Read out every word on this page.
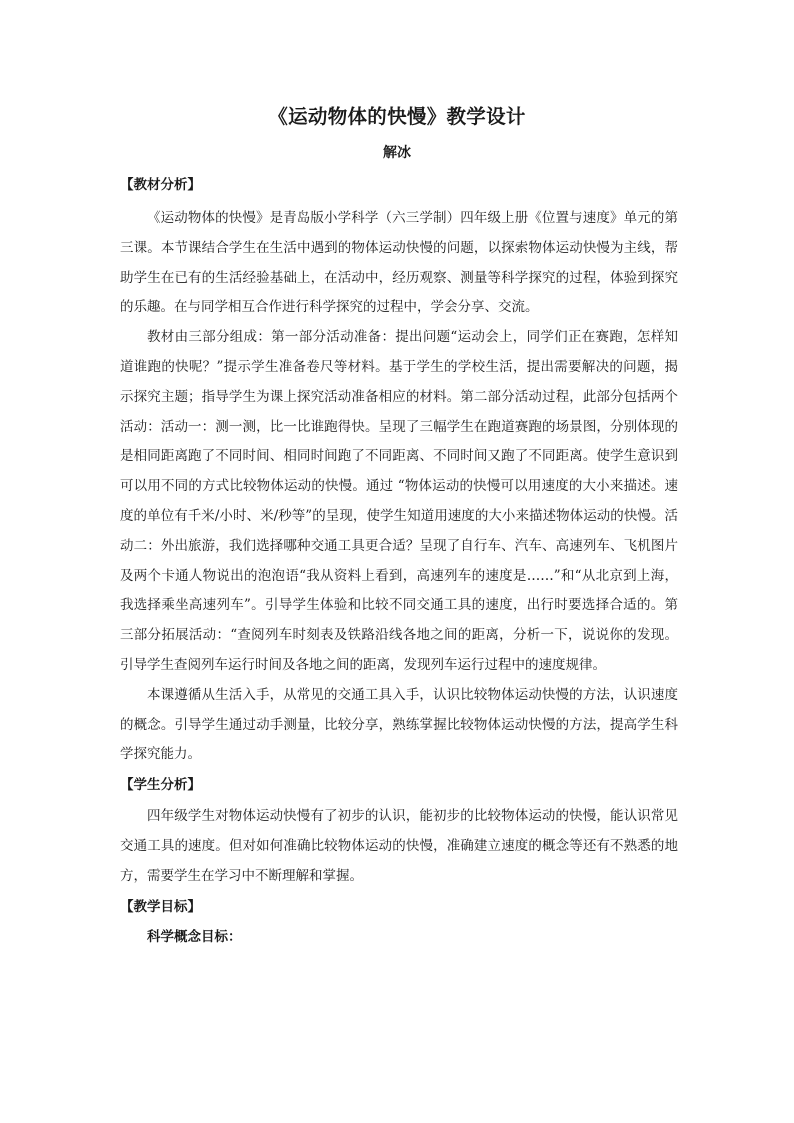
《运动物体的快慢》教学设计
解冰
【教材分析】

《运动物体的快慢》是青岛版小学科学（六三学制）四年级上册《位置与速度》单元的第三课。本节课结合学生在生活中遇到的物体运动快慢的问题，以探索物体运动快慢为主线，帮助学生在已有的生活经验基础上，在活动中，经历观察、测量等科学探究的过程，体验到探究的乐趣。在与同学相互合作进行科学探究的过程中，学会分享、交流。

教材由三部分组成：第一部分活动准备：提出问题“运动会上，同学们正在赛跑，怎样知道谁跑的快呢？”提示学生准备卷尺等材料。基于学生的学校生活，提出需要解决的问题，揭示探究主题；指导学生为课上探究活动准备相应的材料。第二部分活动过程，此部分包括两个活动：活动一：测一测，比一比谁跑得快。呈现了三幅学生在跑道赛跑的场景图，分别体现的是相同距离跑了不同时间、相同时间跑了不同距离、不同时间又跑了不同距离。使学生意识到可以用不同的方式比较物体运动的快慢。通过 “物体运动的快慢可以用速度的大小来描述。速度的单位有千米/小时、米/秒等”的呈现，使学生知道用速度的大小来描述物体运动的快慢。活动二：外出旅游，我们选择哪种交通工具更合适？呈现了自行车、汽车、高速列车、飞机图片及两个卡通人物说出的泡泡语“我从资料上看到，高速列车的速度是……”和“从北京到上海，我选择乘坐高速列车”。引导学生体验和比较不同交通工具的速度，出行时要选择合适的。第三部分拓展活动：“查阅列车时刻表及铁路沿线各地之间的距离，分析一下，说说你的发现。引导学生查阅列车运行时间及各地之间的距离，发现列车运行过程中的速度规律。

本课遵循从生活入手，从常见的交通工具入手，认识比较物体运动快慢的方法，认识速度的概念。引导学生通过动手测量，比较分享，熟练掌握比较物体运动快慢的方法，提高学生科学探究能力。

【学生分析】

四年级学生对物体运动快慢有了初步的认识，能初步的比较物体运动的快慢，能认识常见交通工具的速度。但对如何准确比较物体运动的快慢，准确建立速度的概念等还有不熟悉的地方，需要学生在学习中不断理解和掌握。

【教学目标】
科学概念目标：
